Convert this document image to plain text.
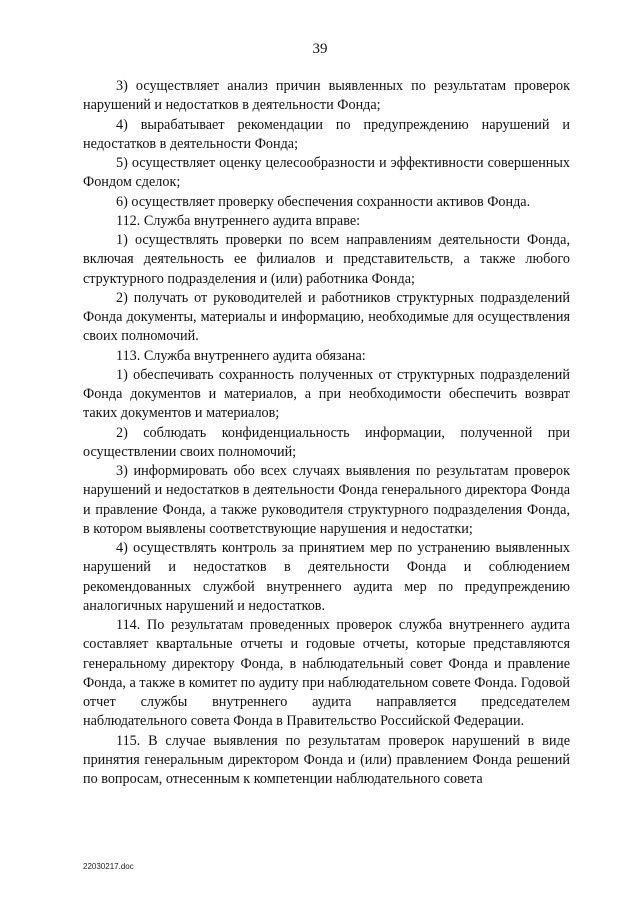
39

3) осуществляет анализ причин выявленных по результатам проверок нарушений и недостатков в деятельности Фонда;

4) вырабатывает рекомендации по предупреждению нарушений и недостатков в деятельности Фонда;

5) осуществляет оценку целесообразности и эффективности совершенных Фондом сделок;

6) осуществляет проверку обеспечения сохранности активов Фонда.

112. Служба внутреннего аудита вправе:

1) осуществлять проверки по всем направлениям деятельности Фонда, включая деятельность ее филиалов и представительств, а также любого структурного подразделения и (или) работника Фонда;

2) получать от руководителей и работников структурных подразделений Фонда документы, материалы и информацию, необходимые для осуществления своих полномочий.

113. Служба внутреннего аудита обязана:

1) обеспечивать сохранность полученных от структурных подразделений Фонда документов и материалов, а при необходимости обеспечить возврат таких документов и материалов;

2) соблюдать конфиденциальность информации, полученной при осуществлении своих полномочий;

3) информировать обо всех случаях выявления по результатам проверок нарушений и недостатков в деятельности Фонда генерального директора Фонда и правление Фонда, а также руководителя структурного подразделения Фонда, в котором выявлены соответствующие нарушения и недостатки;

4) осуществлять контроль за принятием мер по устранению выявленных нарушений и недостатков в деятельности Фонда и соблюдением рекомендованных службой внутреннего аудита мер по предупреждению аналогичных нарушений и недостатков.

114. По результатам проведенных проверок служба внутреннего аудита составляет квартальные отчеты и годовые отчеты, которые представляются генеральному директору Фонда, в наблюдательный совет Фонда и правление Фонда, а также в комитет по аудиту при наблюдательном совете Фонда. Годовой отчет службы внутреннего аудита направляется председателем наблюдательного совета Фонда в Правительство Российской Федерации.

115. В случае выявления по результатам проверок нарушений в виде принятия генеральным директором Фонда и (или) правлением Фонда решений по вопросам, отнесенным к компетенции наблюдательного совета

22030217.doc
